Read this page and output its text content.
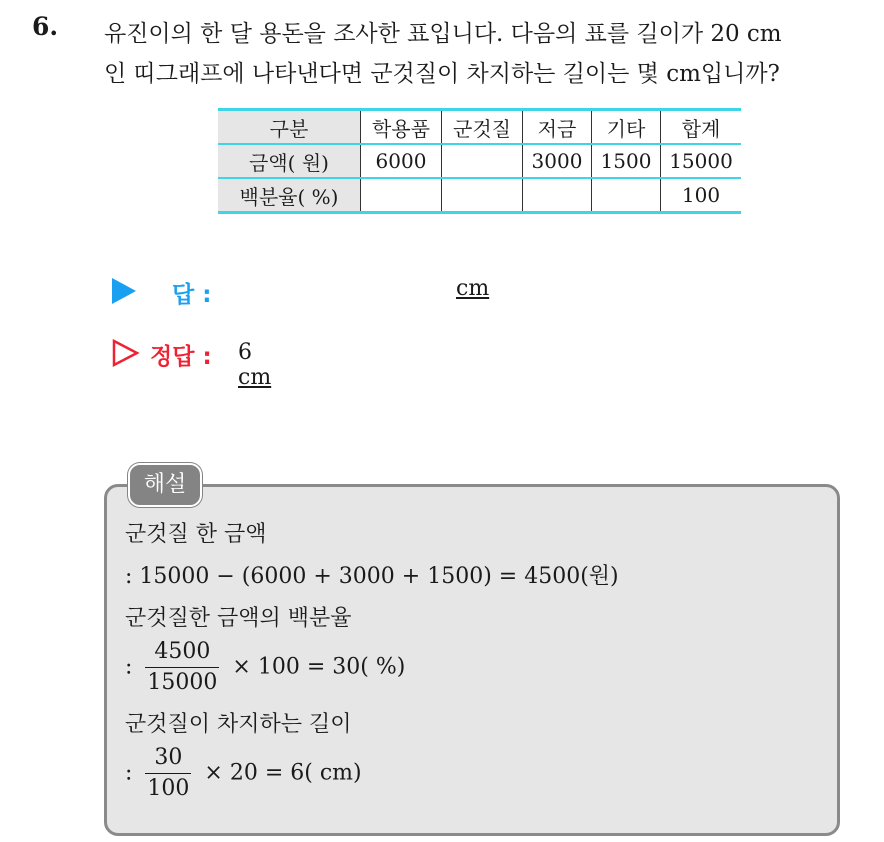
6. 유진이의 한 달 용돈을 조사한 표입니다. 다음의 표를 길이가 20 cm
인 띠그래프에 나타낸다면 군것질이 차지하는 길이는 몇 cm입니까?
구분	학용품	군것질	저금	기타	합계
금액( 원)	6000		3000	1500	15000
백분율( %)					100
답 :	cm
정답 : 6 cm
해설
군것질 한 금액
: 15000 − (6000 + 3000 + 1500) = 4500(원)
군것질한 금액의 백분율
: $\frac{4500}{15000} \times 100 = 30$( %)
군것질이 차지하는 길이
: $\frac{30}{100} \times 20 = 6$( cm)
